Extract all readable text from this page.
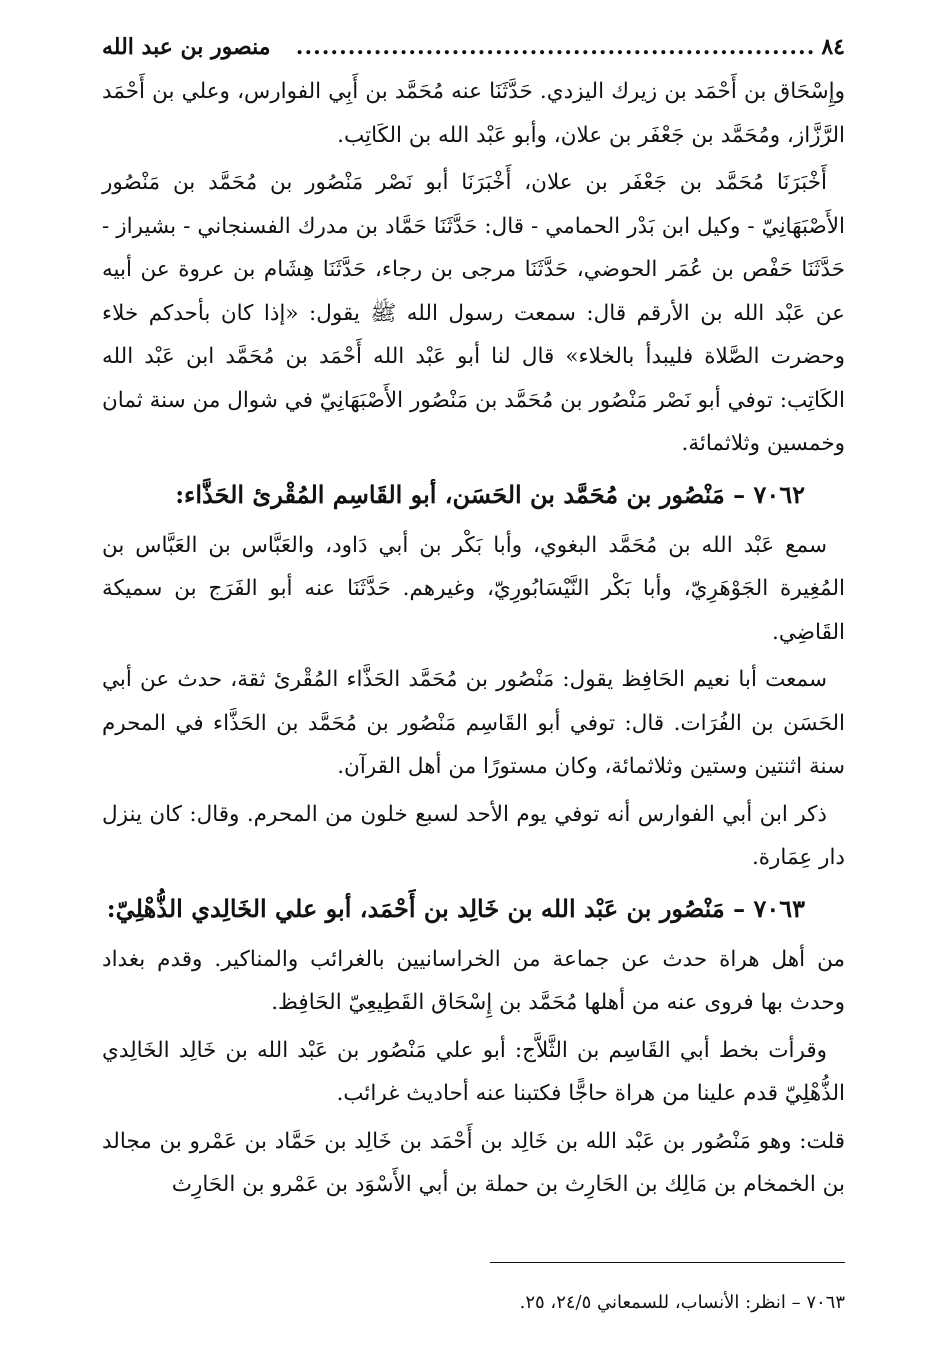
٨٤
............................................................
منصور بن عبد الله

وإِسْحَاق بن أَحْمَد بن زيرك اليزدي. حَدَّثَنَا عنه مُحَمَّد بن أَبِي الفوارس، وعلي بن أَحْمَد الرَّزَّاز، ومُحَمَّد بن جَعْفَر بن علان، وأبو عَبْد الله بن الكَاتِب.

أَخْبَرَنَا مُحَمَّد بن جَعْفَر بن علان، أَخْبَرَنَا أبو نَصْر مَنْصُور بن مُحَمَّد بن مَنْصُور الأَصْبَهَانِيّ - وكيل ابن بَدْر الحمامي - قال: حَدَّثَنَا حَمَّاد بن مدرك الفسنجاني - بشيراز - حَدَّثَنَا حَفْص بن عُمَر الحوضي، حَدَّثَنَا مرجى بن رجاء، حَدَّثَنَا هِشَام بن عروة عن أبيه عن عَبْد الله بن الأرقم قال: سمعت رسول الله ﷺ يقول: «إذا كان بأحدكم خلاء وحضرت الصَّلاة فليبدأ بالخلاء» قال لنا أبو عَبْد الله أَحْمَد بن مُحَمَّد ابن عَبْد الله الكَاتِب: توفي أبو نَصْر مَنْصُور بن مُحَمَّد بن مَنْصُور الأَصْبَهَانِيّ في شوال من سنة ثمان وخمسين وثلاثمائة.

٧٠٦٢ – مَنْصُور بن مُحَمَّد بن الحَسَن، أبو القَاسِم المُقْرئ الحَذَّاء:

سمع عَبْد الله بن مُحَمَّد البغوي، وأبا بَكْر بن أبي دَاود، والعَبَّاس بن العَبَّاس بن المُغِيرة الجَوْهَرِيّ، وأبا بَكْر النَّيْسَابُورِيّ، وغيرهم. حَدَّثَنَا عنه أبو الفَرَج بن سميكة القَاضِي.

سمعت أبا نعيم الحَافِظ يقول: مَنْصُور بن مُحَمَّد الحَذَّاء المُقْرئ ثقة، حدث عن أبي الحَسَن بن الفُرَات. قال: توفي أبو القَاسِم مَنْصُور بن مُحَمَّد بن الحَذَّاء في المحرم سنة اثنتين وستين وثلاثمائة، وكان مستورًا من أهل القرآن.

ذكر ابن أبي الفوارس أنه توفي يوم الأحد لسبع خلون من المحرم. وقال: كان ينزل دار عِمَارة.

٧٠٦٣ – مَنْصُور بن عَبْد الله بن خَالِد بن أَحْمَد، أبو علي الخَالِدي الذُّهْلِيّ:

من أهل هراة حدث عن جماعة من الخراسانيين بالغرائب والمناكير. وقدم بغداد وحدث بها فروى عنه من أهلها مُحَمَّد بن إِسْحَاق القَطِيعِيّ الحَافِظ.

وقرأت بخط أبي القَاسِم بن الثَّلاَّج: أبو علي مَنْصُور بن عَبْد الله بن خَالِد الخَالِدي الذُّهْلِيّ قدم علينا من هراة حاجًّا فكتبنا عنه أحاديث غرائب.

قلت: وهو مَنْصُور بن عَبْد الله بن خَالِد بن أَحْمَد بن خَالِد بن حَمَّاد بن عَمْرو بن مجالد بن الخمخام بن مَالِك بن الحَارِث بن حملة بن أبي الأَسْوَد بن عَمْرو بن الحَارِث

٧٠٦٣ – انظر: الأنساب، للسمعاني ٢٤/٥، ٢٥.
